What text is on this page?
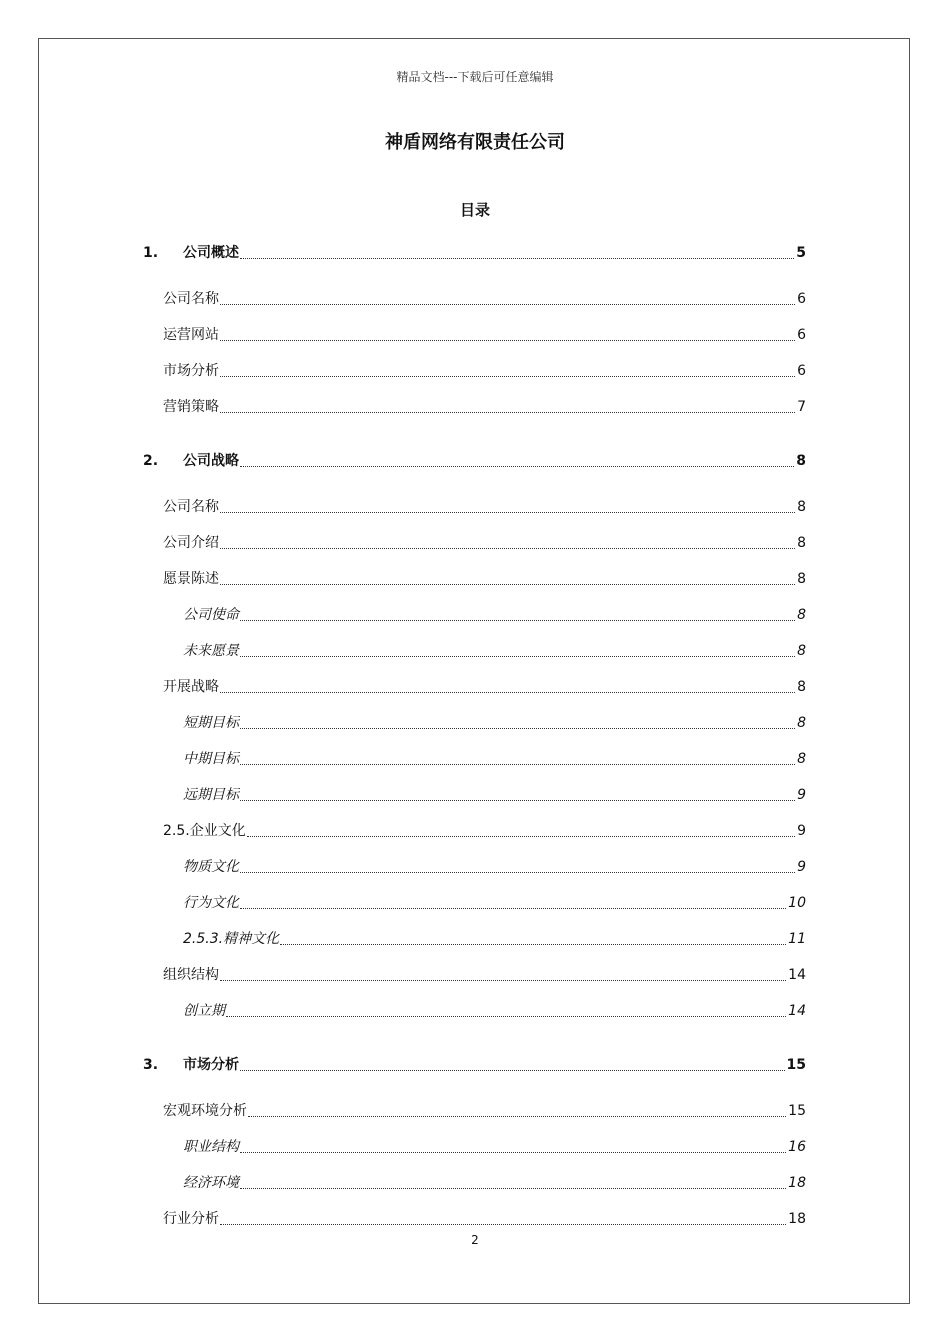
精品文档---下载后可任意编辑
神盾网络有限责任公司
目录
1.	公司概述	5
公司名称	6
运营网站	6
市场分析	6
营销策略	7
2.	公司战略	8
公司名称	8
公司介绍	8
愿景陈述	8
公司使命	8
未来愿景	8
开展战略	8
短期目标	8
中期目标	8
远期目标	9
2.5.企业文化	9
物质文化	9
行为文化	10
2.5.3.精神文化	11
组织结构	14
创立期	14
3.	市场分析	15
宏观环境分析	15
职业结构	16
经济环境	18
行业分析	18
2
